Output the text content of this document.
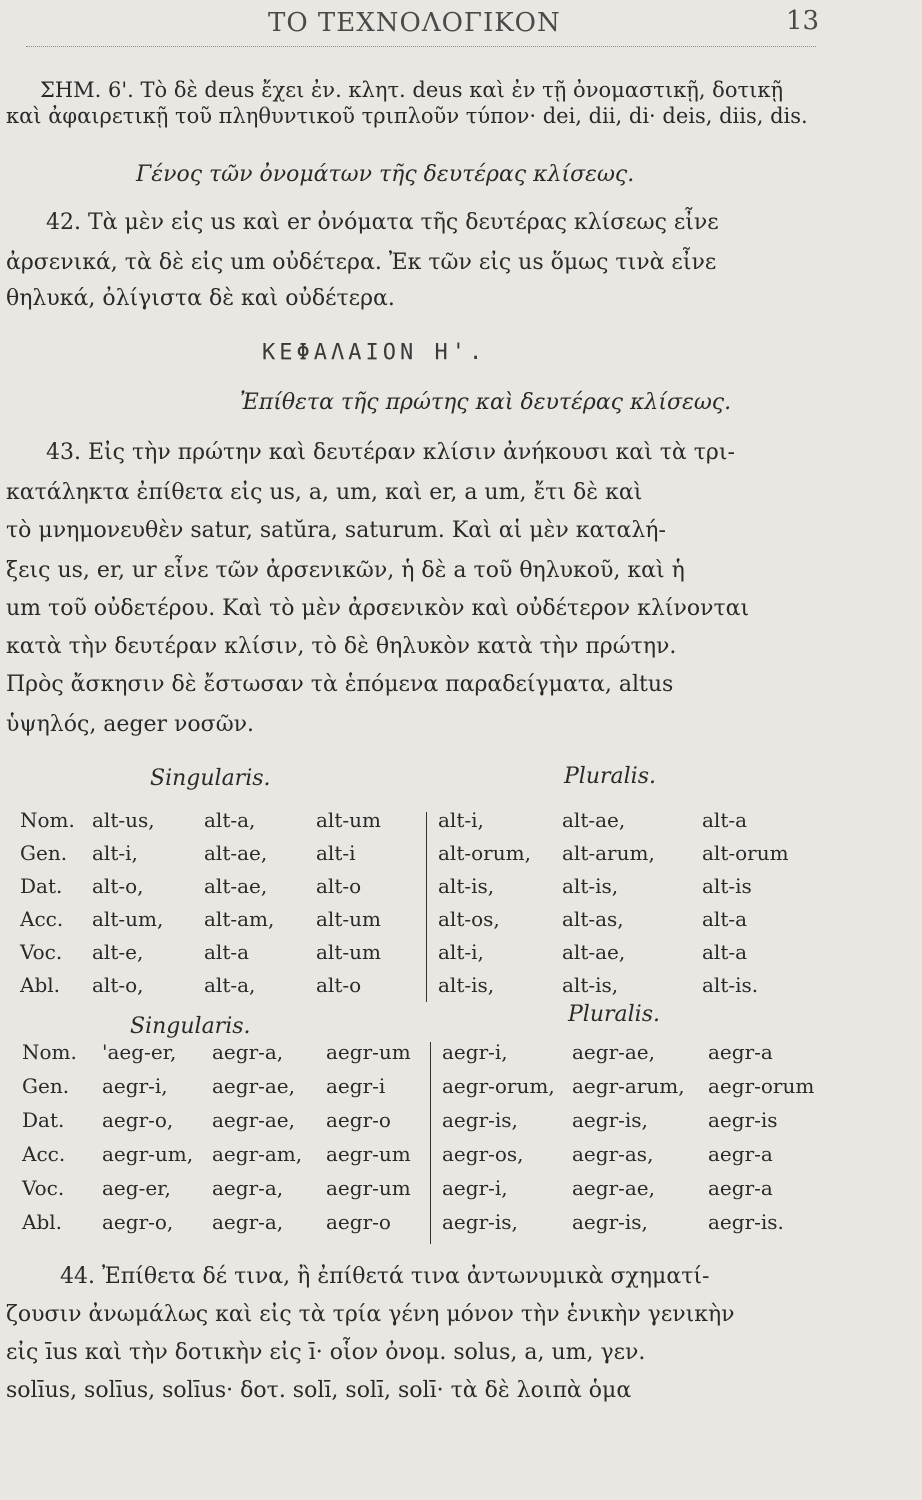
ΤΟ ΤΕΧΝΟΛΟΓΙΚΟΝ	13
ΣΗΜ. 6'. Τὸ δὲ deus ἔχει ἐν. κλητ. deus καὶ ἐν τῇ ὀνομαστικῇ, δοτικῇ
καὶ ἀφαιρετικῇ τοῦ πληθυντικοῦ τριπλοῦν τύπον· dei, dii, di· deis, diis, dis.
Γένος τῶν ὀνομάτων τῆς δευτέρας κλίσεως.
42. Τὰ μὲν εἰς us καὶ er ὀνόματα τῆς δευτέρας κλίσεως εἶνε
ἀρσενικά, τὰ δὲ εἰς um οὐδέτερα. Ἐκ τῶν εἰς us ὅμως τινὰ εἶνε
θηλυκά, ὀλίγιστα δὲ καὶ οὐδέτερα.
ΚΕΦΑΛΑΙΟΝ Η'.
Ἐπίθετα τῆς πρώτης καὶ δευτέρας κλίσεως.
43. Εἰς τὴν πρώτην καὶ δευτέραν κλίσιν ἀνήκουσι καὶ τὰ τρι-
κατάληκτα ἐπίθετα εἰς us, a, um, καὶ er, a um, ἔτι δὲ καὶ
τὸ μνημονευθὲν satur, satŭra, saturum. Καὶ αἱ μὲν καταλή-
ξεις us, er, ur εἶνε τῶν ἀρσενικῶν, ἡ δὲ a τοῦ θηλυκοῦ, καὶ ἡ
um τοῦ οὐδετέρου. Καὶ τὸ μὲν ἀρσενικὸν καὶ οὐδέτερον κλίνονται
κατὰ τὴν δευτέραν κλίσιν, τὸ δὲ θηλυκὸν κατὰ τὴν πρώτην.
Πρὸς ἄσκησιν δὲ ἔστωσαν τὰ ἑπόμενα παραδείγματα, altus
ὑψηλός, aeger νοσῶν.
Singularis.	Pluralis.
Nom. alt-us, alt-a,	alt-um	alt-i,	alt-ae,	alt-a
Gen. alt-i,	alt-ae, alt-i	alt-orum, alt-arum, alt-orum
Dat. alt-o,	alt-ae, alt-o	alt-is,	alt-is,	alt-is
Acc. alt-um, alt-am, alt-um	alt-os,	alt-as,	alt-a
Voc. alt-e,	alt-a	alt-um	alt-i,	alt-ae,	alt-a
Abl. alt-o,	alt-a,	alt-o	alt-is,	alt-is,	alt-is.
Singularis.	Pluralis.
Nom. 'aeg-er, aegr-a, aegr-um aegr-i,	aegr-ae,	aegr-a
Gen. aegr-i, aegr-ae, aegr-i	aegr-orum, aegr-arum, aegr-orum
Dat. aegr-o, aegr-ae, aegr-o	aegr-is,	aegr-is,	aegr-is
Acc. aegr-um, aegr-am, aegr-um aegr-os, aegr-as,	aegr-a
Voc. aeg-er, aegr-a, aegr-um aegr-i,	aegr-ae,	aegr-a
Abl. aegr-o, aegr-a, aegr-o	aegr-is,	aegr-is,	aegr-is.
44. Ἐπίθετα δέ τινα, ἢ ἐπίθετά τινα ἀντωνυμικὰ σχηματί-
ζουσιν ἀνωμάλως καὶ εἰς τὰ τρία γένη μόνον τὴν ἑνικὴν γενικὴν
εἰς īus καὶ τὴν δοτικὴν εἰς ī· οἷον ὀνομ. solus, a, um, γεν.
solīus, solīus, solīus· δοτ. solī, solī, solī· τὰ δὲ λοιπὰ ὁμα
